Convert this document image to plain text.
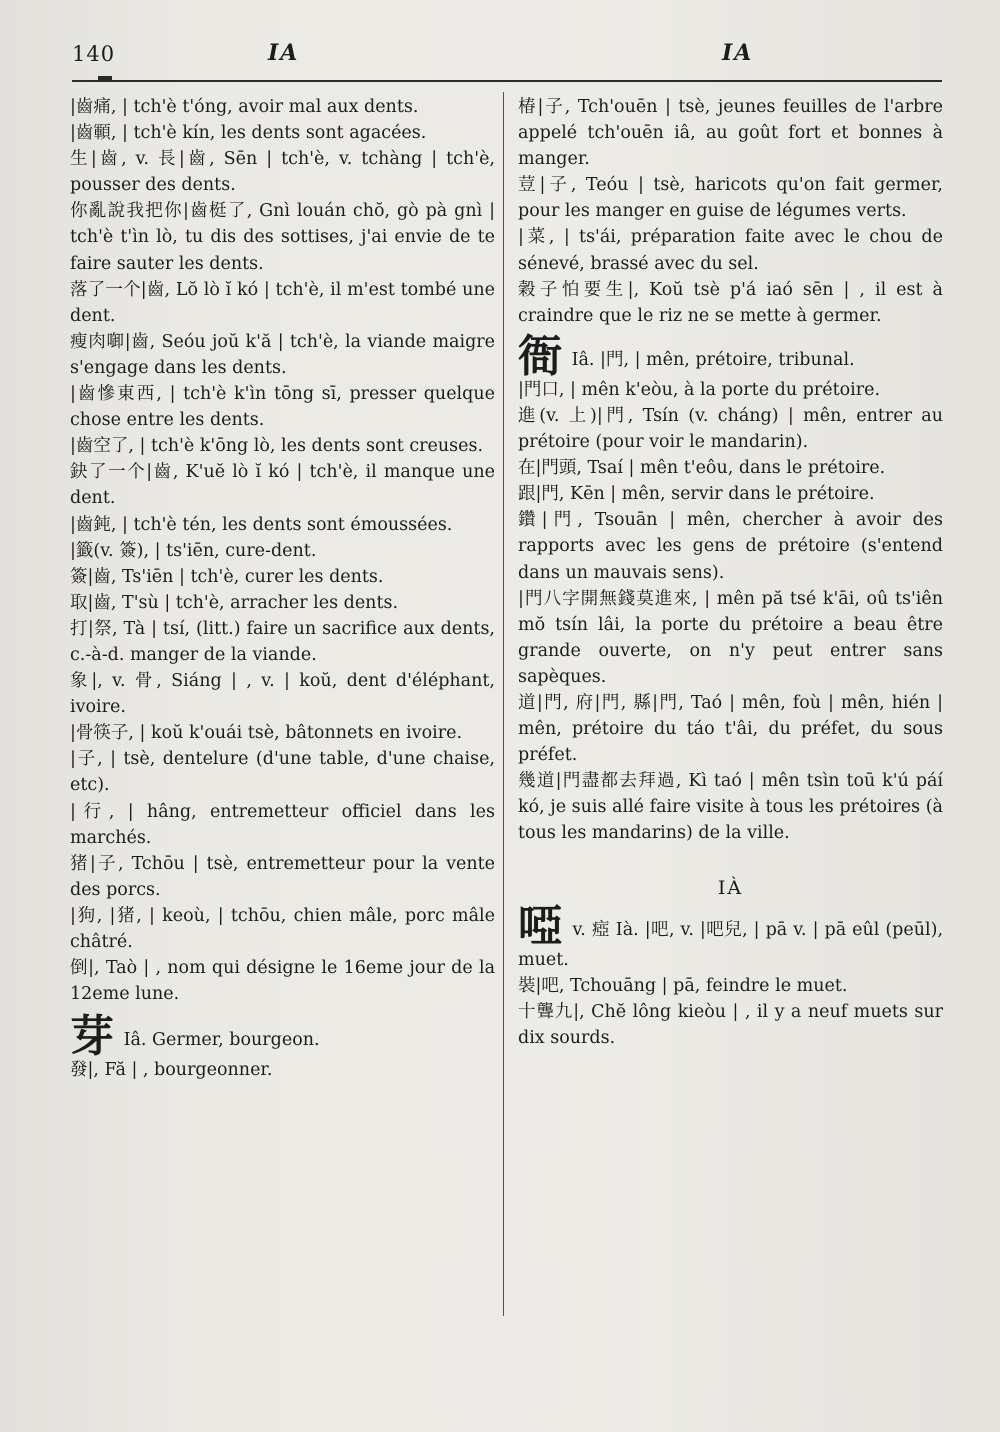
140	IA	IA

|齒痛, | tch'è t'óng, avoir mal aux dents.

|齒顐, | tch'è kín, les dents sont agacées.

生|齒, v. 長|齒, Sēn | tch'è, v. tchàng | tch'è, pousser des dents.

你亂說我把你|齒梃了, Gnì louán chŏ, gò pà gnì | tch'è t'ìn lò, tu dis des sottises, j'ai envie de te faire sauter les dents.

落了一个|齒, Lŏ lò ĭ kó | tch'è, il m'est tombé une dent.

瘦肉啣|齒, Seóu joŭ k'ă | tch'è, la viande maigre s'engage dans les dents.

|齒慘東西, | tch'è k'ìn tōng sī, presser quelque chose entre les dents.

|齒空了, | tch'è k'ōng lò, les dents sont creuses.

鈌了一个|齒, K'uĕ lò ĭ kó | tch'è, il manque une dent.

|齒鈍, | tch'è tén, les dents sont émoussées.

|籤(v. 簽), | ts'iēn, cure-dent.

簽|齒, Ts'iēn | tch'è, curer les dents.

取|齒, T'sù | tch'è, arracher les dents.

打|祭, Tà | tsí, (litt.) faire un sacrifice aux dents, c.-à-d. manger de la viande.

象|, v. 骨, Siáng | , v. | koŭ, dent d'éléphant, ivoire.

|骨筷子, | koŭ k'ouái tsè, bâtonnets en ivoire.

|子, | tsè, dentelure (d'une table, d'une chaise, etc).

|行, | hâng, entremetteur officiel dans les marchés.

猪|子, Tchōu | tsè, entremetteur pour la vente des porcs.

|狗, |猪, | keoù, | tchōu, chien mâle, porc mâle châtré.

倒|, Taò | , nom qui désigne le 16eme jour de la 12eme lune.

芽 Iâ. Germer, bourgeon.

發|, Fă | , bourgeonner.

椿|子, Tch'ouēn | tsè, jeunes feuilles de l'arbre appelé tch'ouēn iâ, au goût fort et bonnes à manger.

荳|子, Teóu | tsè, haricots qu'on fait germer, pour les manger en guise de légumes verts.

|菜, | ts'ái, préparation faite avec le chou de sénevé, brassé avec du sel.

穀子怕要生|, Koŭ tsè p'á iaó sēn | , il est à craindre que le riz ne se mette à germer.

衙 Iâ. |門, | mên, prétoire, tribunal.

|門口, | mên k'eòu, à la porte du prétoire.

進(v. 上)|門, Tsín (v. cháng) | mên, entrer au prétoire (pour voir le mandarin).

在|門頭, Tsaí | mên t'eôu, dans le prétoire.

跟|門, Kēn | mên, servir dans le prétoire.

鑽|門, Tsouān | mên, chercher à avoir des rapports avec les gens de prétoire (s'entend dans un mauvais sens).

|門八字開無錢莫進來, | mên pă tsé k'āi, oû ts'iên mŏ tsín lâi, la porte du prétoire a beau être grande ouverte, on n'y peut entrer sans sapèques.

道|門, 府|門, 縣|門, Taó | mên, foù | mên, hién | mên, prétoire du táo t'âi, du préfet, du sous préfet.

幾道|門盡都去拜過, Kì taó | mên tsìn toū k'ú páí kó, je suis allé faire visite à tous les prétoires (à tous les mandarins) de la ville.

IÀ

啞 v. 瘂 Ià. |吧, v. |吧兒, | pā v. | pā eûl (peūl), muet.

裝|吧, Tchouāng | pā, feindre le muet.

十聾九|, Chĕ lông kieòu | , il y a neuf muets sur dix sourds.
